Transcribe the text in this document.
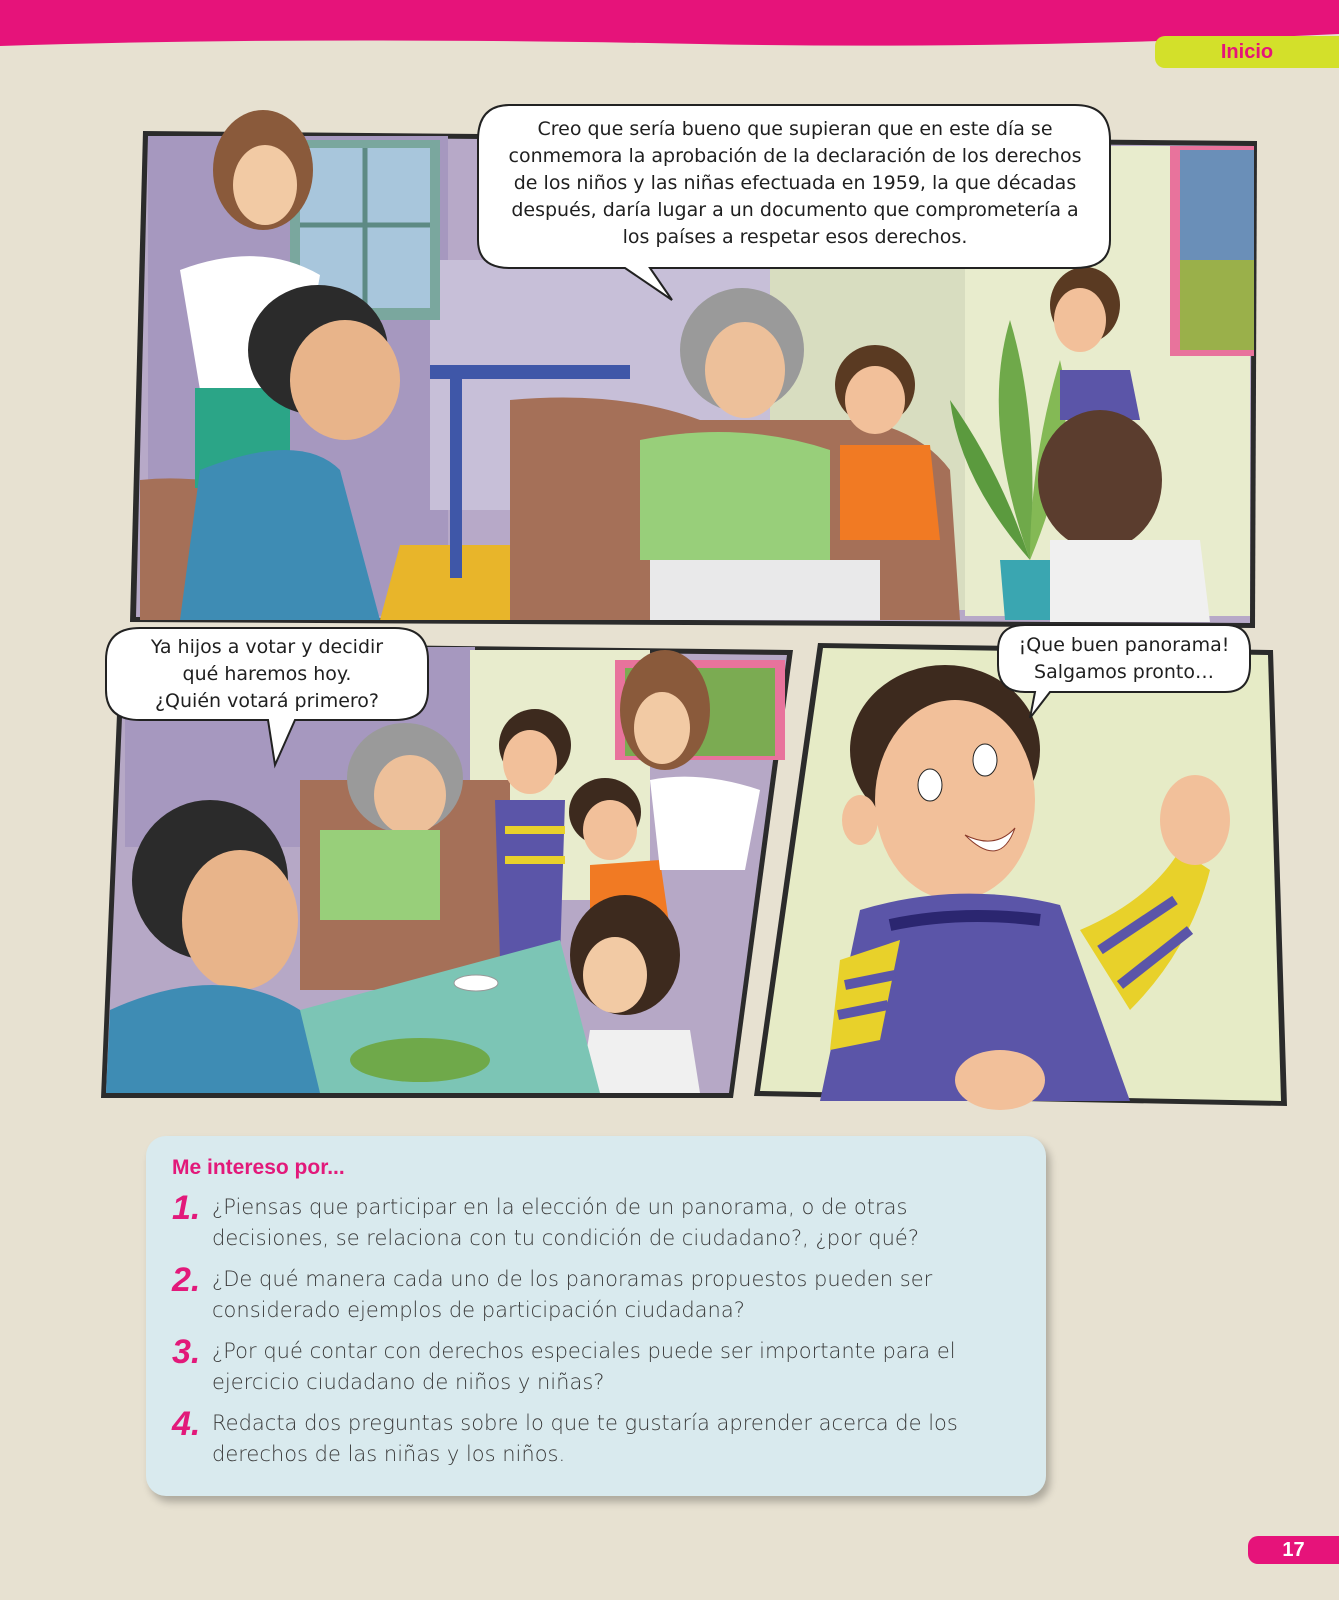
Inicio
Creo que sería bueno que supieran que en este día se
conmemora la aprobación de la declaración de los derechos
de los niños y las niñas efectuada en 1959, la que décadas
después, daría lugar a un documento que comprometería a
los países a respetar esos derechos.
Ya hijos a votar y decidir
qué haremos hoy.
¿Quién votará primero?
¡Que buen panorama!
Salgamos pronto…
Me intereso por...
1. ¿Piensas que participar en la elección de un panorama, o de otras decisiones, se relaciona con tu condición de ciudadano?, ¿por qué?
2. ¿De qué manera cada uno de los panoramas propuestos pueden ser considerado ejemplos de participación ciudadana?
3. ¿Por qué contar con derechos especiales puede ser importante para el ejercicio ciudadano de niños y niñas?
4. Redacta dos preguntas sobre lo que te gustaría aprender acerca de los derechos de las niñas y los niños.
17
